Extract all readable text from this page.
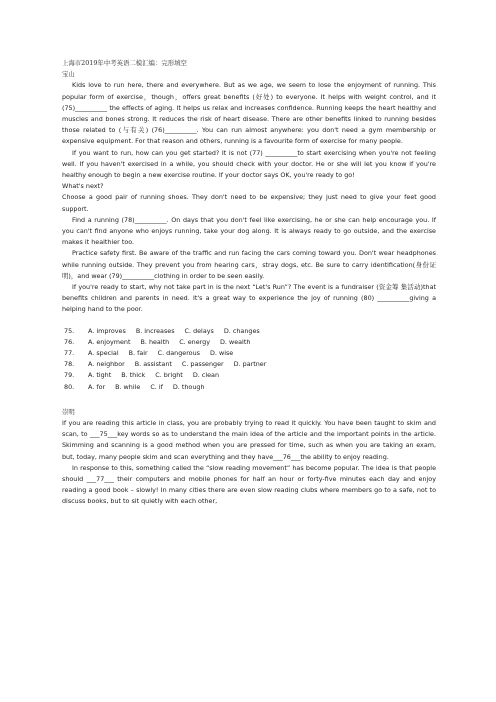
上海市2019年中考英语二模汇编：完形填空

宝山

Kids love to run here, there and everywhere. But as we age, we seem to lose the enjoyment of running. This popular form of exercise，though，offers great benefits (好处) to everyone. It helps with weight control, and it (75)__________ the effects of aging. It helps us relax and increases confidence. Running keeps the heart healthy and muscles and bones strong. It reduces the risk of heart disease. There are other benefits linked to running besides those related to (与有关) (76)__________. You can run almost anywhere: you don't need a gym membership or expensive equipment. For that reason and others, running is a favourite form of exercise for many people.

If you want to run, how can you get started? It is not (77) __________to start exercising when you're not feeling well. If you haven't exercised in a while, you should check with your doctor. He or she will let you know if you're healthy enough to begin a new exercise routine. If your doctor says OK, you're ready to go!

What's next?

Choose a good pair of running shoes. They don't need to be expensive; they just need to give your feet good support.

Find a running (78)__________. On days that you don't feel like exercising, he or she can help encourage you. If you can't find anyone who enjoys running, take your dog along. It is always ready to go outside, and the exercise makes it healthier too.

Practice safety first. Be aware of the traffic and run facing the cars coming toward you. Don't wear headphones while running outside. They prevent you from hearing cars，stray dogs, etc. Be sure to carry identification(身份证明)，and wear (79)__________clothing in order to be seen easily.

If you're ready to start, why not take part in is the next “Let's Run”? The event is a fundraiser (资金筹 集活动)that benefits children and parents in need. It's a great way to experience the joy of running (80) __________giving a helping hand to the poor.

75.	A. improves B. increases C. delays D. changes
76.	A. enjoyment B. health C. energy D. wealth
77.	A. special B. fair C. dangerous D. wise
78.	A. neighbor B. assistant C. passenger D. partner
79.	A. tight B. thick C. bright D. clean
80.	A. for B. while C. if D. though

崇明

If you are reading this article in class, you are probably trying to read it quickly. You have been taught to skim and scan, to ___75___key words so as to understand the main idea of the article and the important points in the article. Skimming and scanning is a good method when you are pressed for time, such as when you are taking an exam, but, today, many people skim and scan everything and they have___76___the ability to enjoy reading.

In response to this, something called the “slow reading movement” has become popular. The idea is that people should ___77___ their computers and mobile phones for half an hour or forty-five minutes each day and enjoy reading a good book – slowly! In many cities there are even slow reading clubs where members go to a safe, not to discuss books, but to sit quietly with each other,
